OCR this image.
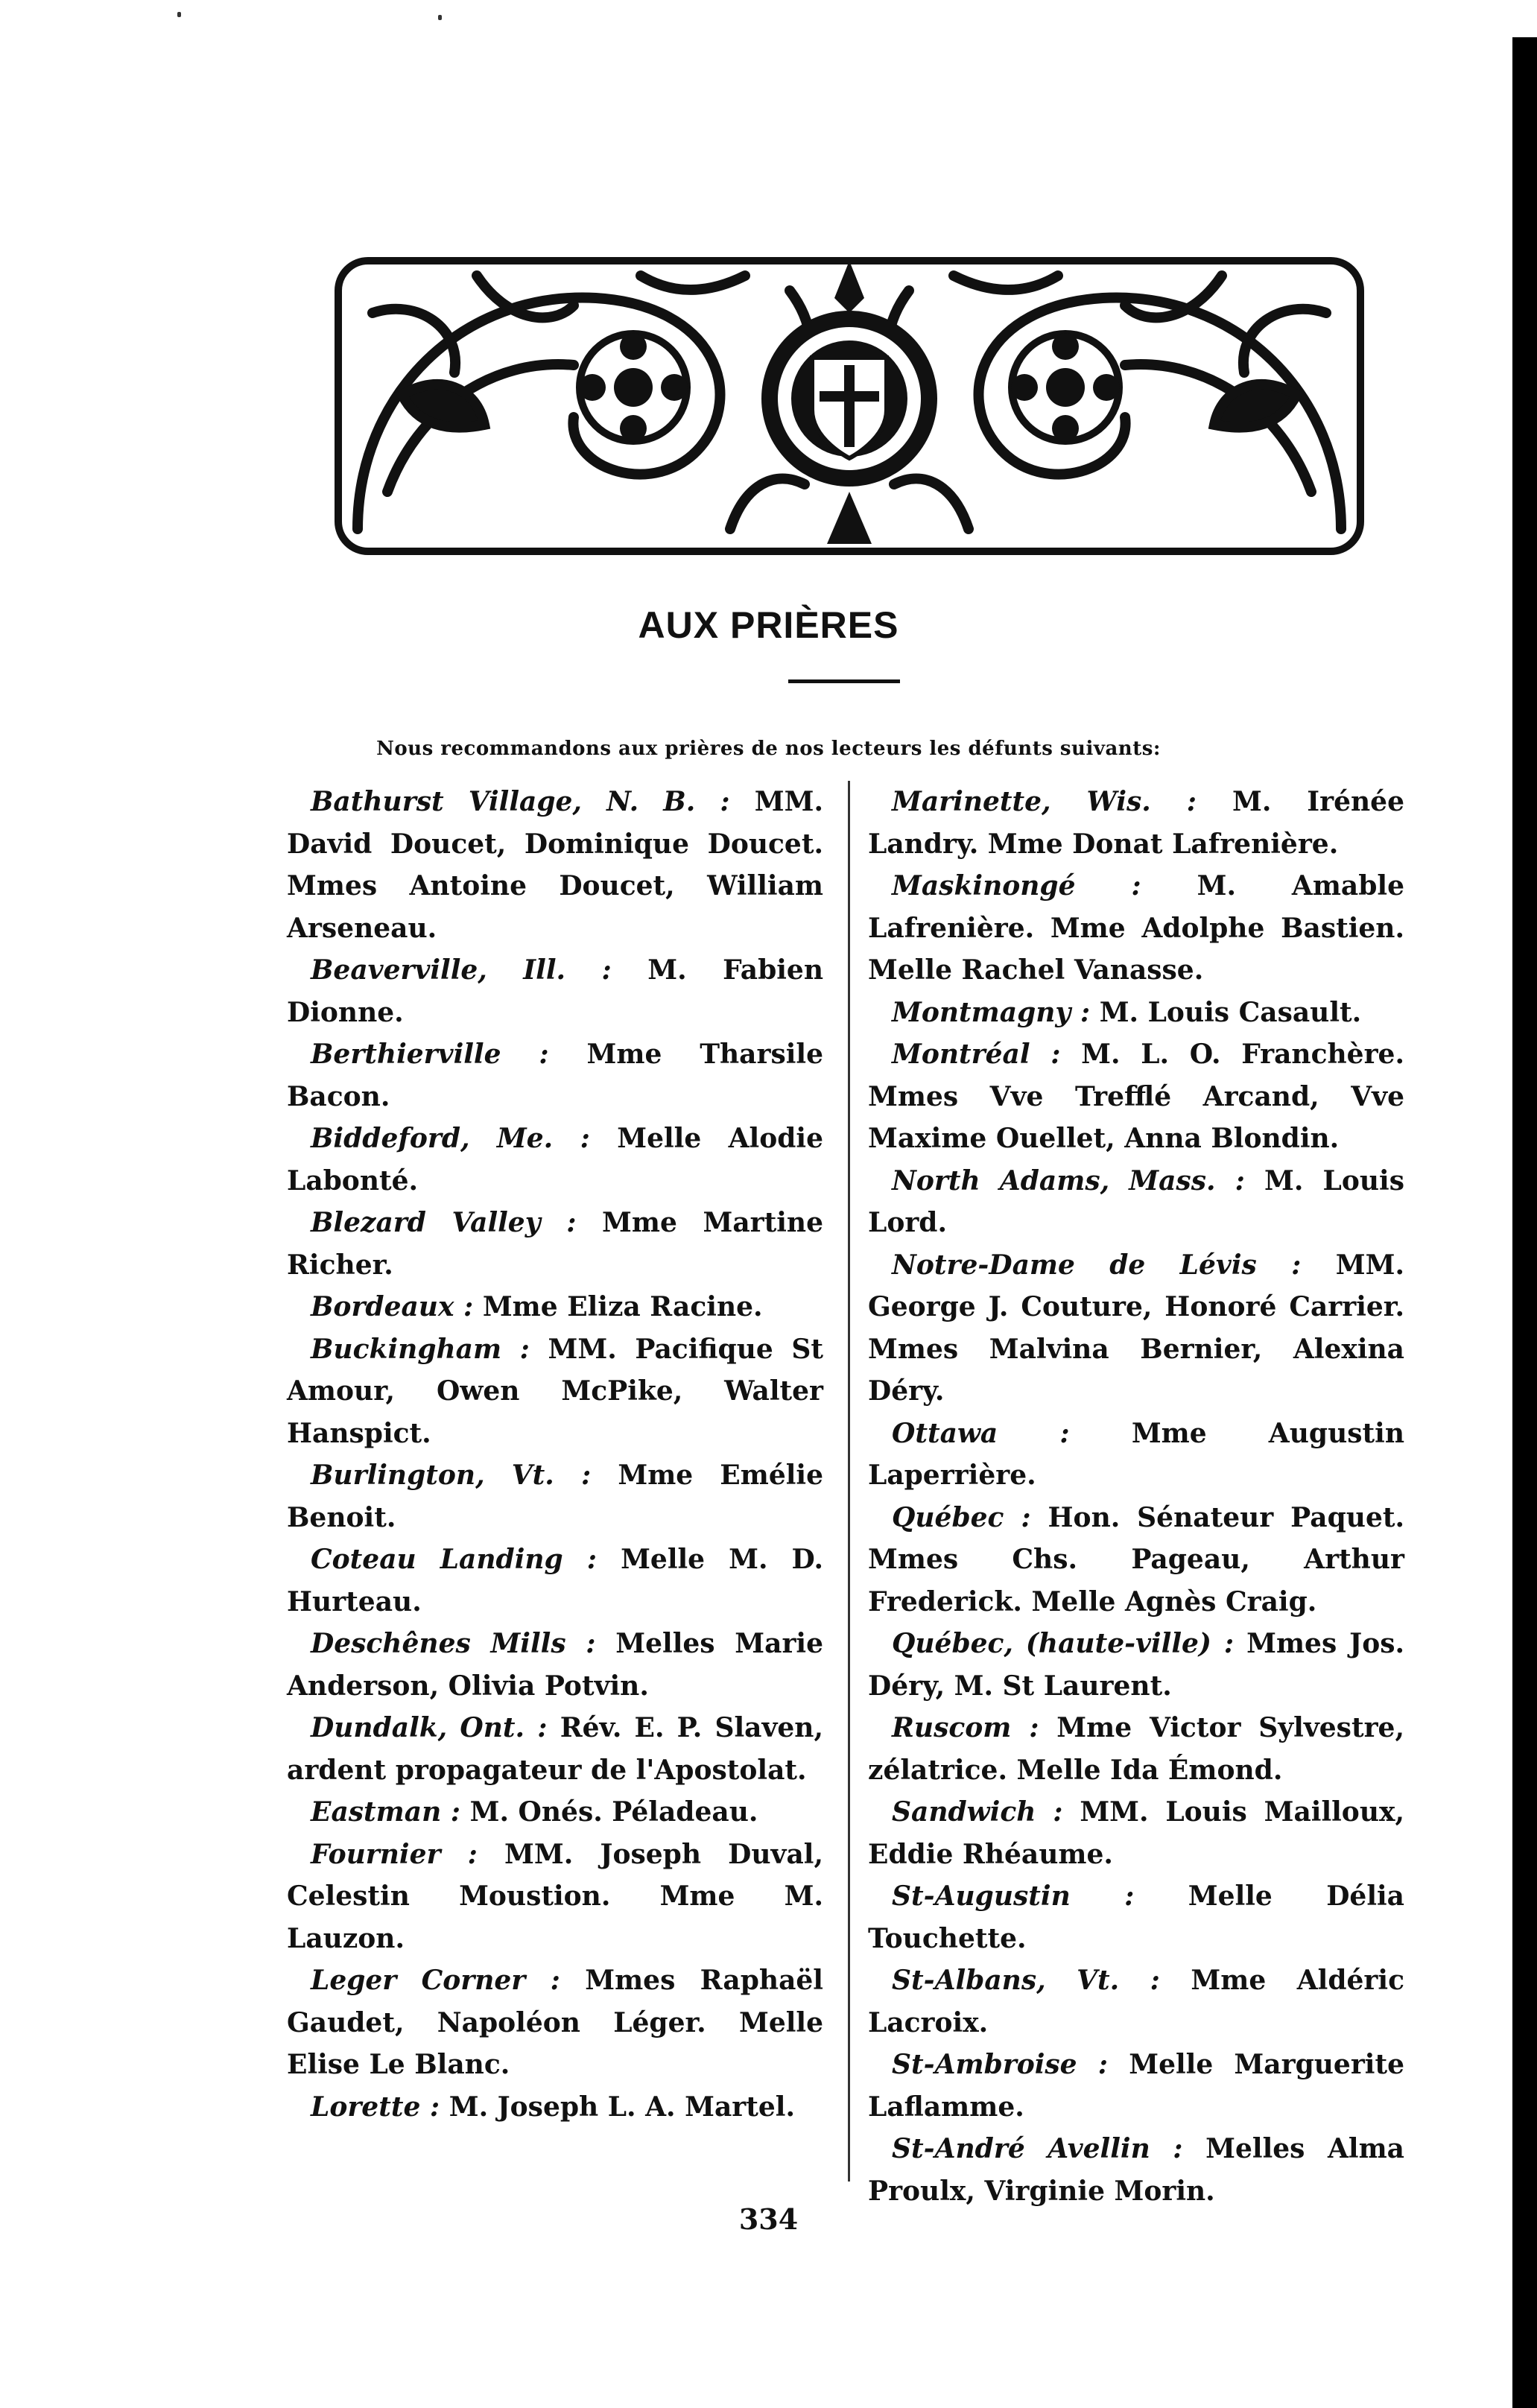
AUX PRIÈRES
Nous recommandons aux prières de nos lecteurs les défunts suivants:

Bathurst Village, N. B. : MM. David Doucet, Dominique Doucet. Mmes Antoine Doucet, William Arseneau.

Beaverville, Ill. : M. Fabien Dionne.

Berthierville : Mme Tharsile Bacon.

Biddeford, Me. : Melle Alodie Labonté.

Blezard Valley : Mme Martine Richer.

Bordeaux : Mme Eliza Racine.

Buckingham : MM. Pacifique St Amour, Owen McPike, Walter Hanspict.

Burlington, Vt. : Mme Emélie Benoit.

Coteau Landing : Melle M. D. Hurteau.

Deschênes Mills : Melles Marie Anderson, Olivia Potvin.

Dundalk, Ont. : Rév. E. P. Slaven, ardent propagateur de l'Apostolat.

Eastman : M. Onés. Péladeau.

Fournier : MM. Joseph Duval, Celestin Moustion. Mme M. Lauzon.

Leger Corner : Mmes Raphaël Gaudet, Napoléon Léger. Melle Elise Le Blanc.

Lorette : M. Joseph L. A. Martel.

Marinette, Wis. : M. Irénée Landry. Mme Donat Lafrenière.

Maskinongé : M. Amable Lafrenière. Mme Adolphe Bastien. Melle Rachel Vanasse.

Montmagny : M. Louis Casault.

Montréal : M. L. O. Franchère. Mmes Vve Trefflé Arcand, Vve Maxime Ouellet, Anna Blondin.

North Adams, Mass. : M. Louis Lord.

Notre-Dame de Lévis : MM. George J. Couture, Honoré Carrier. Mmes Malvina Bernier, Alexina Déry.

Ottawa : Mme Augustin Laperrière.

Québec : Hon. Sénateur Paquet. Mmes Chs. Pageau, Arthur Frederick. Melle Agnès Craig.

Québec, (haute-ville) : Mmes Jos. Déry, M. St Laurent.

Ruscom : Mme Victor Sylvestre, zélatrice. Melle Ida Émond.

Sandwich : MM. Louis Mailloux, Eddie Rhéaume.

St-Augustin : Melle Délia Touchette.

St-Albans, Vt. : Mme Aldéric Lacroix.

St-Ambroise : Melle Marguerite Laflamme.

St-André Avellin : Melles Alma Proulx, Virginie Morin.

334
